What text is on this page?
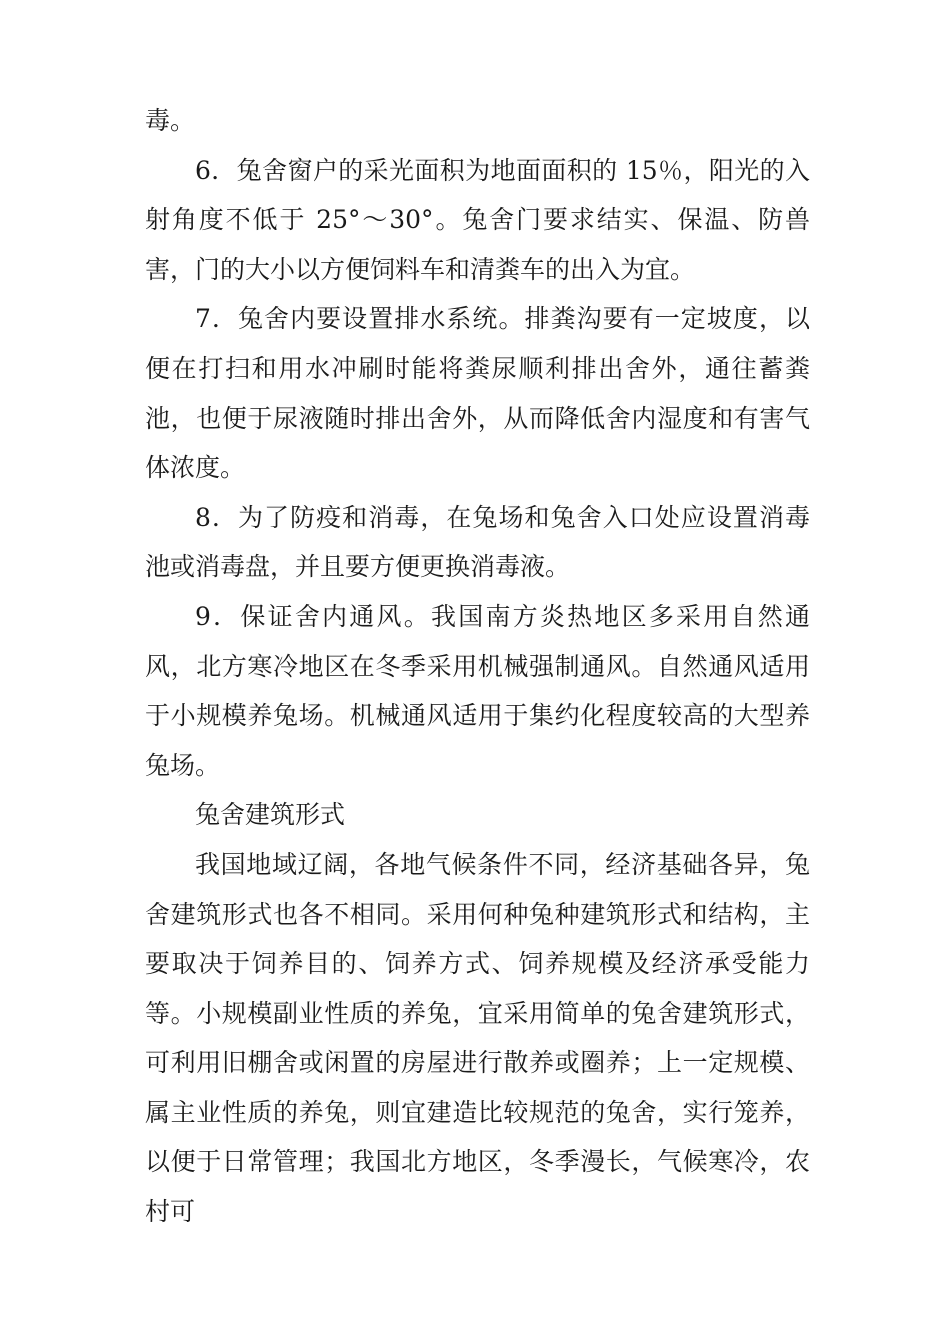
毒。

6．兔舍窗户的采光面积为地面面积的 15％，阳光的入射角度不低于 25°～30°。兔舍门要求结实、保温、防兽害，门的大小以方便饲料车和清粪车的出入为宜。

7．兔舍内要设置排水系统。排粪沟要有一定坡度，以便在打扫和用水冲刷时能将粪尿顺利排出舍外，通往蓄粪池，也便于尿液随时排出舍外，从而降低舍内湿度和有害气体浓度。

8．为了防疫和消毒，在兔场和兔舍入口处应设置消毒池或消毒盘，并且要方便更换消毒液。

9．保证舍内通风。我国南方炎热地区多采用自然通风，北方寒冷地区在冬季采用机械强制通风。自然通风适用于小规模养兔场。机械通风适用于集约化程度较高的大型养兔场。

兔舍建筑形式

我国地域辽阔，各地气候条件不同，经济基础各异，兔舍建筑形式也各不相同。采用何种兔种建筑形式和结构，主要取决于饲养目的、饲养方式、饲养规模及经济承受能力等。小规模副业性质的养兔，宜采用简单的兔舍建筑形式，可利用旧棚舍或闲置的房屋进行散养或圈养；上一定规模、属主业性质的养兔，则宜建造比较规范的兔舍，实行笼养，以便于日常管理；我国北方地区，冬季漫长，气候寒冷，农村可
